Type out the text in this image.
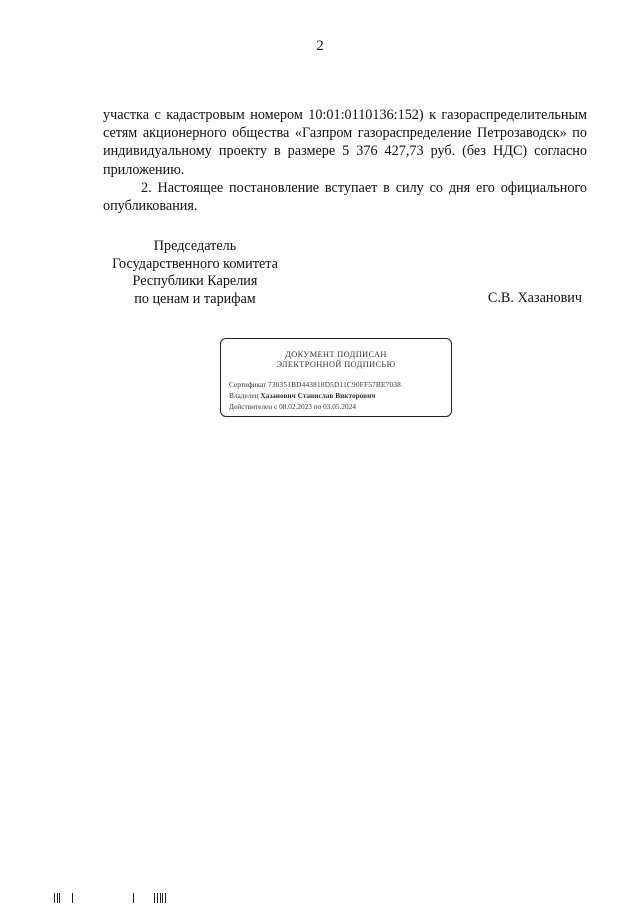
2

участка с кадастровым номером 10:01:0110136:152) к газораспределительным сетям акционерного общества «Газпром газораспределение Петрозаводск» по индивидуальному проекту в размере 5 376 427,73 руб. (без НДС) согласно приложению.

2. Настоящее постановление вступает в силу со дня его официального опубликования.

Председатель
Государственного комитета
Республики Карелия
по ценам и тарифам	С.В. Хазанович
ДОКУМЕНТ ПОДПИСАН
ЭЛЕКТРОННОЙ ПОДПИСЬЮ
Сертификат 730351BD443818D5D11C90FF57BE7038
Владелец Хазанович Станислав Викторович
Действителен с 08.02.2023 по 03.05.2024
